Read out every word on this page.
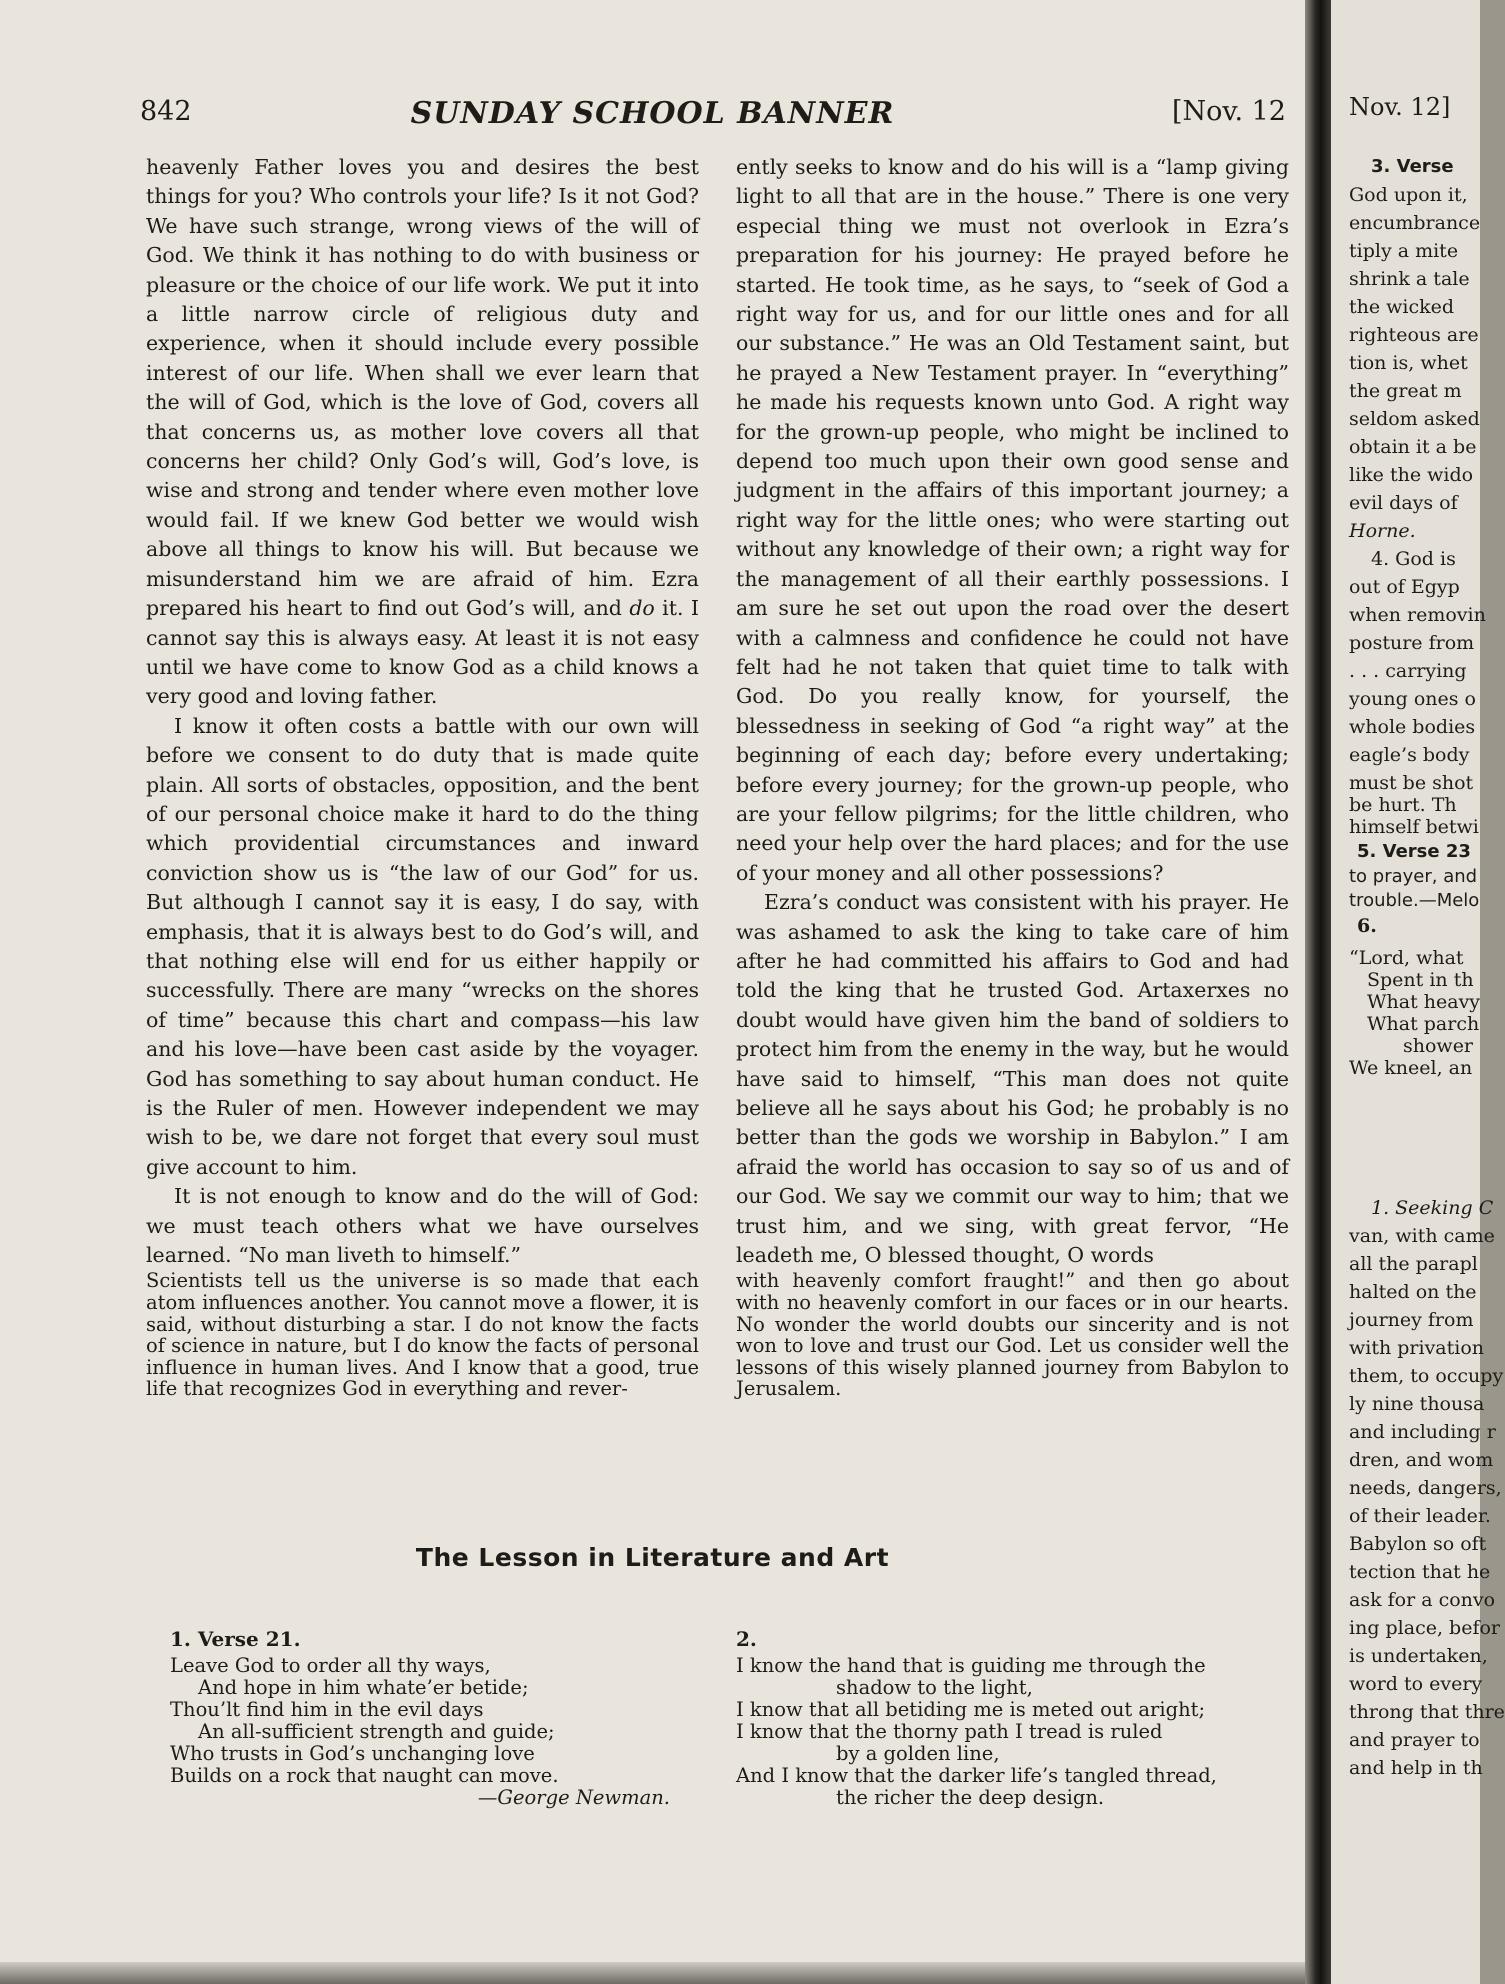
842	SUNDAY SCHOOL BANNER	[Nov. 12

heavenly Father loves you and desires the best things for you? Who controls your life? Is it not God? We have such strange, wrong views of the will of God. We think it has nothing to do with business or pleasure or the choice of our life work. We put it into a little narrow circle of religious duty and experience, when it should include every possible interest of our life. When shall we ever learn that the will of God, which is the love of God, covers all that concerns us, as mother love covers all that concerns her child? Only God’s will, God’s love, is wise and strong and tender where even mother love would fail. If we knew God better we would wish above all things to know his will. But because we misunderstand him we are afraid of him. Ezra prepared his heart to find out God’s will, and do it. I cannot say this is always easy. At least it is not easy until we have come to know God as a child knows a very good and loving father.

I know it often costs a battle with our own will before we consent to do duty that is made quite plain. All sorts of obstacles, opposition, and the bent of our personal choice make it hard to do the thing which providential circumstances and inward conviction show us is “the law of our God” for us. But although I cannot say it is easy, I do say, with emphasis, that it is always best to do God’s will, and that nothing else will end for us either happily or successfully. There are many “wrecks on the shores of time” because this chart and compass—his law and his love—have been cast aside by the voyager. God has something to say about human conduct. He is the Ruler of men. However independent we may wish to be, we dare not forget that every soul must give account to him.

It is not enough to know and do the will of God: we must teach others what we have ourselves learned. “No man liveth to himself.”

Scientists tell us the universe is so made that each atom influences another. You cannot move a flower, it is said, without disturbing a star. I do not know the facts of science in nature, but I do know the facts of personal influence in human lives. And I know that a good, true life that recognizes God in everything and rever-

ently seeks to know and do his will is a “lamp giving light to all that are in the house.” There is one very especial thing we must not overlook in Ezra’s preparation for his journey: He prayed before he started. He took time, as he says, to “seek of God a right way for us, and for our little ones and for all our substance.” He was an Old Testament saint, but he prayed a New Testament prayer. In “everything” he made his requests known unto God. A right way for the grown-up people, who might be inclined to depend too much upon their own good sense and judgment in the affairs of this important journey; a right way for the little ones; who were starting out without any knowledge of their own; a right way for the management of all their earthly possessions. I am sure he set out upon the road over the desert with a calmness and confidence he could not have felt had he not taken that quiet time to talk with God. Do you really know, for yourself, the blessedness in seeking of God “a right way” at the beginning of each day; before every undertaking; before every journey; for the grown-up people, who are your fellow pilgrims; for the little children, who need your help over the hard places; and for the use of your money and all other possessions?

Ezra’s conduct was consistent with his prayer. He was ashamed to ask the king to take care of him after he had committed his affairs to God and had told the king that he trusted God. Artaxerxes no doubt would have given him the band of soldiers to protect him from the enemy in the way, but he would have said to himself, “This man does not quite believe all he says about his God; he probably is no better than the gods we worship in Babylon.” I am afraid the world has occasion to say so of us and of our God. We say we commit our way to him; that we trust him, and we sing, with great fervor, “He leadeth me, O blessed thought, O words

with heavenly comfort fraught!” and then go about with no heavenly comfort in our faces or in our hearts. No wonder the world doubts our sincerity and is not won to love and trust our God. Let us consider well the lessons of this wisely planned journey from Babylon to Jerusalem.

The Lesson in Literature and Art
1. Verse 21.
Leave God to order all thy ways,
And hope in him whate’er betide;
Thou’lt find him in the evil days
An all-sufficient strength and guide;
Who trusts in God’s unchanging love
Builds on a rock that naught can move.
—George Newman.
2.
I know the hand that is guiding me through the
shadow to the light,
I know that all betiding me is meted out aright;
I know that the thorny path I tread is ruled
by a golden line,
And I know that the darker life’s tangled thread,
the richer the deep design.
Nov. 12]
3. Verse
God upon it,
encumbrance
tiply a mite
shrink a tale
the wicked
righteous are
tion is, whet
the great m
seldom asked
obtain it a be
like the wido
evil days of
Horne.
4. God is
out of Egyp
when removin
posture from
. . . carrying
young ones o
whole bodies
eagle’s body
must be shot
be hurt. Th
himself betwi
5. Verse 23
to prayer, and
trouble.—Melo
6.
“Lord, what
Spent in th
What heavy
What parch
shower
We kneel, an
1. Seeking C
van, with came
all the parapl
halted on the
journey from
with privation
them, to occupy
ly nine thousa
and including r
dren, and wom
needs, dangers,
of their leader.
Babylon so oft
tection that he
ask for a convo
ing place, befor
is undertaken,
word to every
throng that thre
and prayer to
and help in th
